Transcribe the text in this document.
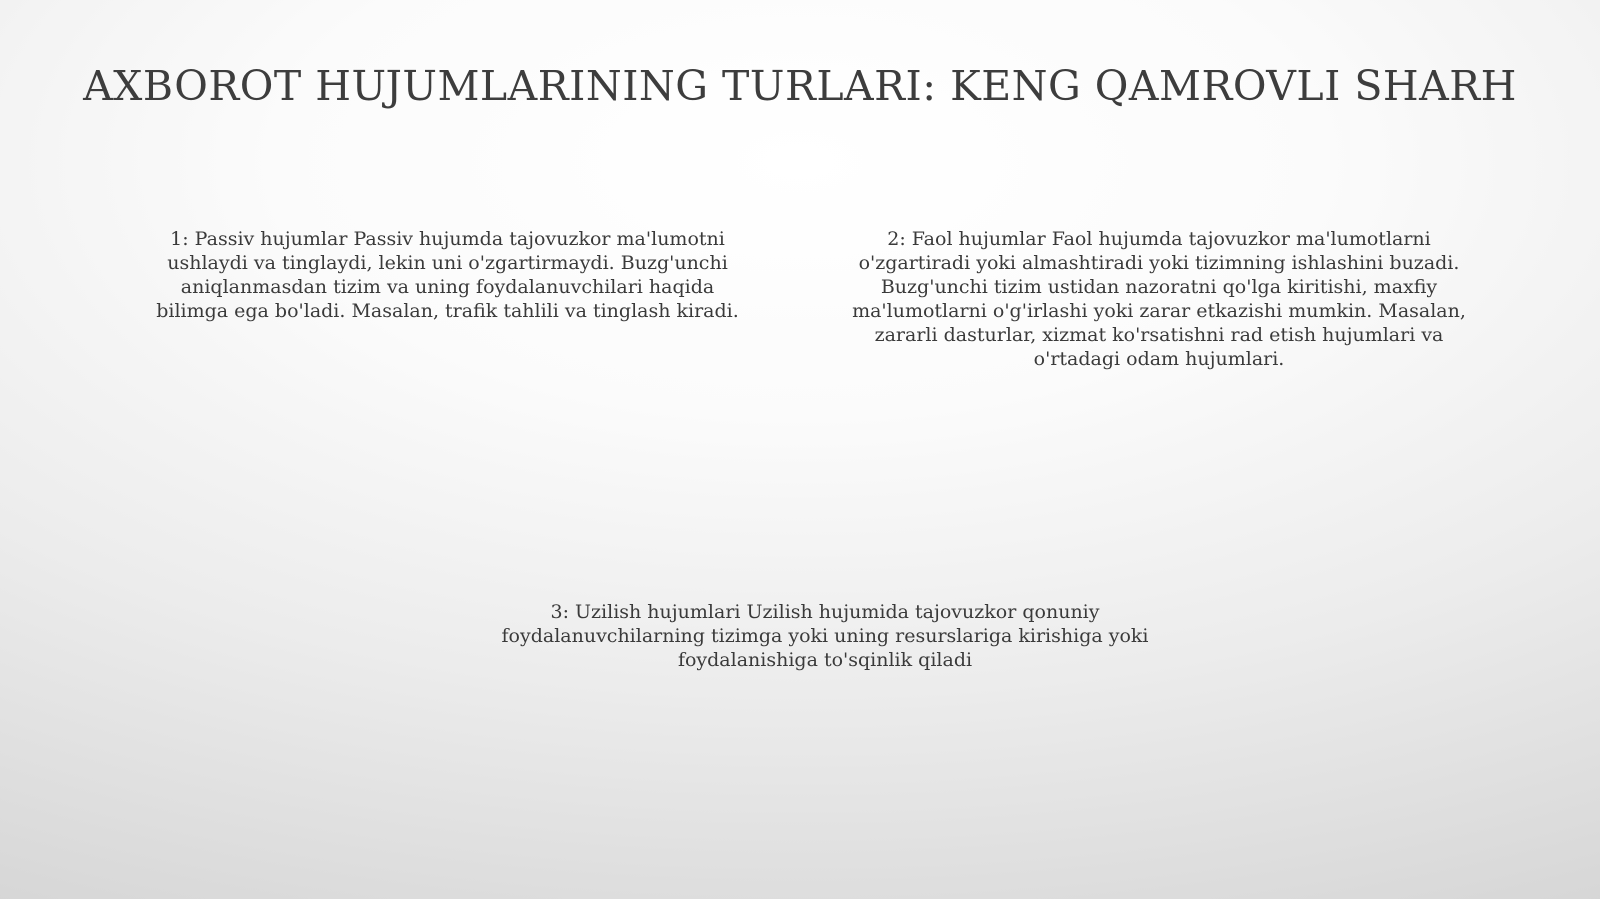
AXBOROT HUJUMLARINING TURLARI: KENG QAMROVLI SHARH

1: Passiv hujumlar Passiv hujumda tajovuzkor ma'lumotni ushlaydi va tinglaydi, lekin uni o'zgartirmaydi. Buzg'unchi aniqlanmasdan tizim va uning foydalanuvchilari haqida bilimga ega bo'ladi. Masalan, trafik tahlili va tinglash kiradi.

2: Faol hujumlar Faol hujumda tajovuzkor ma'lumotlarni o'zgartiradi yoki almashtiradi yoki tizimning ishlashini buzadi. Buzg'unchi tizim ustidan nazoratni qo'lga kiritishi, maxfiy ma'lumotlarni o'g'irlashi yoki zarar etkazishi mumkin. Masalan, zararli dasturlar, xizmat ko'rsatishni rad etish hujumlari va o'rtadagi odam hujumlari.

3: Uzilish hujumlari Uzilish hujumida tajovuzkor qonuniy foydalanuvchilarning tizimga yoki uning resurslariga kirishiga yoki foydalanishiga to'sqinlik qiladi
